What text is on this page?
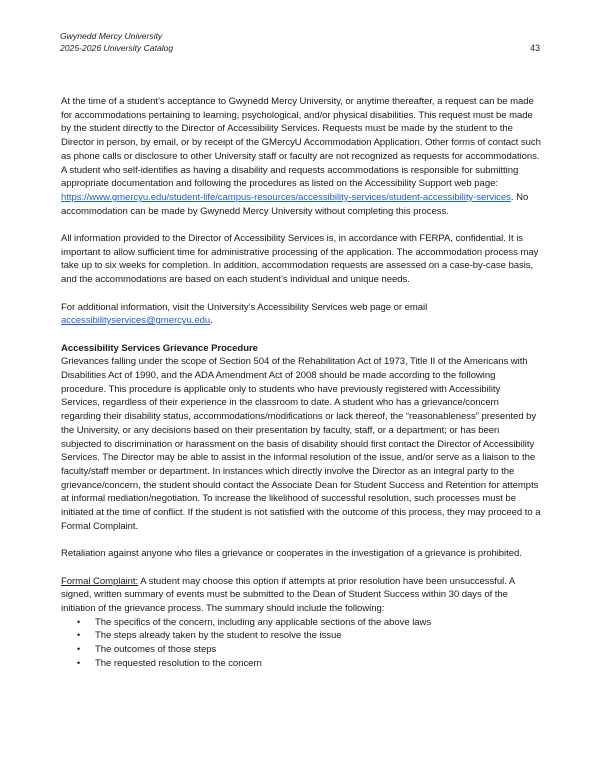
Gwynedd Mercy University
2025-2026 University Catalog	43

At the time of a student’s acceptance to Gwynedd Mercy University, or anytime thereafter, a request can be made for accommodations pertaining to learning, psychological, and/or physical disabilities. This request must be made by the student directly to the Director of Accessibility Services. Requests must be made by the student to the Director in person, by email, or by receipt of the GMercyU Accommodation Application. Other forms of contact such as phone calls or disclosure to other University staff or faculty are not recognized as requests for accommodations. A student who self-identifies as having a disability and requests accommodations is responsible for submitting appropriate documentation and following the procedures as listed on the Accessibility Support web page: https://www.gmercyu.edu/student-life/campus-resources/accessibility-services/student-accessibility-services. No accommodation can be made by Gwynedd Mercy University without completing this process.

All information provided to the Director of Accessibility Services is, in accordance with FERPA, confidential. It is important to allow sufficient time for administrative processing of the application. The accommodation process may take up to six weeks for completion. In addition, accommodation requests are assessed on a case-by-case basis, and the accommodations are based on each student’s individual and unique needs.

For additional information, visit the University’s Accessibility Services web page or email accessibilityservices@gmercyu.edu.

Accessibility Services Grievance Procedure

Grievances falling under the scope of Section 504 of the Rehabilitation Act of 1973, Title II of the Americans with Disabilities Act of 1990, and the ADA Amendment Act of 2008 should be made according to the following procedure. This procedure is applicable only to students who have previously registered with Accessibility Services, regardless of their experience in the classroom to date. A student who has a grievance/concern regarding their disability status, accommodations/modifications or lack thereof, the “reasonableness” presented by the University, or any decisions based on their presentation by faculty, staff, or a department; or has been subjected to discrimination or harassment on the basis of disability should first contact the Director of Accessibility Services. The Director may be able to assist in the informal resolution of the issue, and/or serve as a liaison to the faculty/staff member or department. In instances which directly involve the Director as an integral party to the grievance/concern, the student should contact the Associate Dean for Student Success and Retention for attempts at informal mediation/negotiation. To increase the likelihood of successful resolution, such processes must be initiated at the time of conflict. If the student is not satisfied with the outcome of this process, they may proceed to a Formal Complaint.

Retaliation against anyone who files a grievance or cooperates in the investigation of a grievance is prohibited.

Formal Complaint: A student may choose this option if attempts at prior resolution have been unsuccessful. A signed, written summary of events must be submitted to the Dean of Student Success within 30 days of the initiation of the grievance process. The summary should include the following:
• The specifics of the concern, including any applicable sections of the above laws
• The steps already taken by the student to resolve the issue
• The outcomes of those steps
• The requested resolution to the concern
